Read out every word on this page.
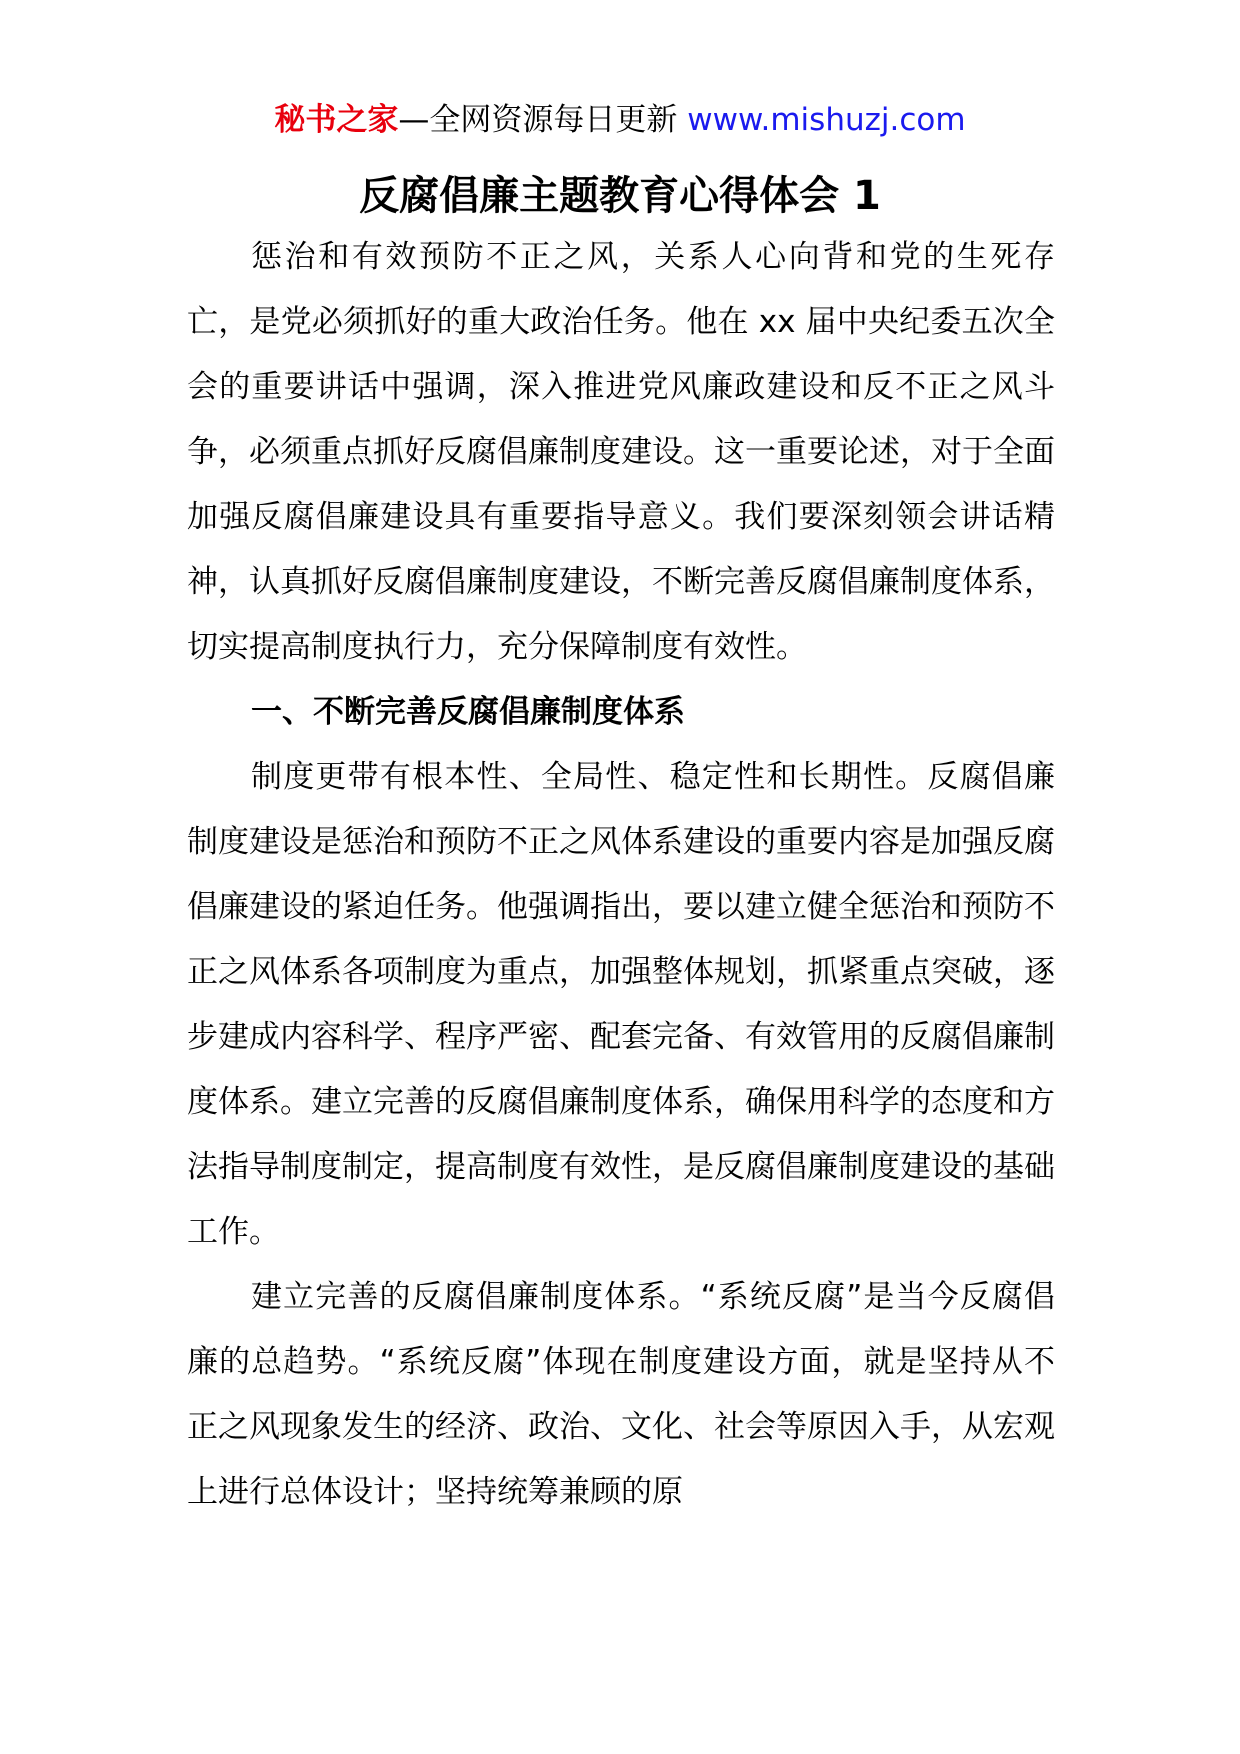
秘书之家—全网资源每日更新 www.mishuzj.com
反腐倡廉主题教育心得体会 1

惩治和有效预防不正之风，关系人心向背和党的生死存亡，是党必须抓好的重大政治任务。他在 xx 届中央纪委五次全会的重要讲话中强调，深入推进党风廉政建设和反不正之风斗争，必须重点抓好反腐倡廉制度建设。这一重要论述，对于全面加强反腐倡廉建设具有重要指导意义。我们要深刻领会讲话精神，认真抓好反腐倡廉制度建设，不断完善反腐倡廉制度体系，切实提高制度执行力，充分保障制度有效性。

一、不断完善反腐倡廉制度体系

制度更带有根本性、全局性、稳定性和长期性。反腐倡廉制度建设是惩治和预防不正之风体系建设的重要内容是加强反腐倡廉建设的紧迫任务。他强调指出，要以建立健全惩治和预防不正之风体系各项制度为重点，加强整体规划，抓紧重点突破，逐步建成内容科学、程序严密、配套完备、有效管用的反腐倡廉制度体系。建立完善的反腐倡廉制度体系，确保用科学的态度和方法指导制度制定，提高制度有效性，是反腐倡廉制度建设的基础工作。

建立完善的反腐倡廉制度体系。“系统反腐”是当今反腐倡廉的总趋势。“系统反腐”体现在制度建设方面，就是坚持从不正之风现象发生的经济、政治、文化、社会等原因入手，从宏观上进行总体设计；坚持统筹兼顾的原
